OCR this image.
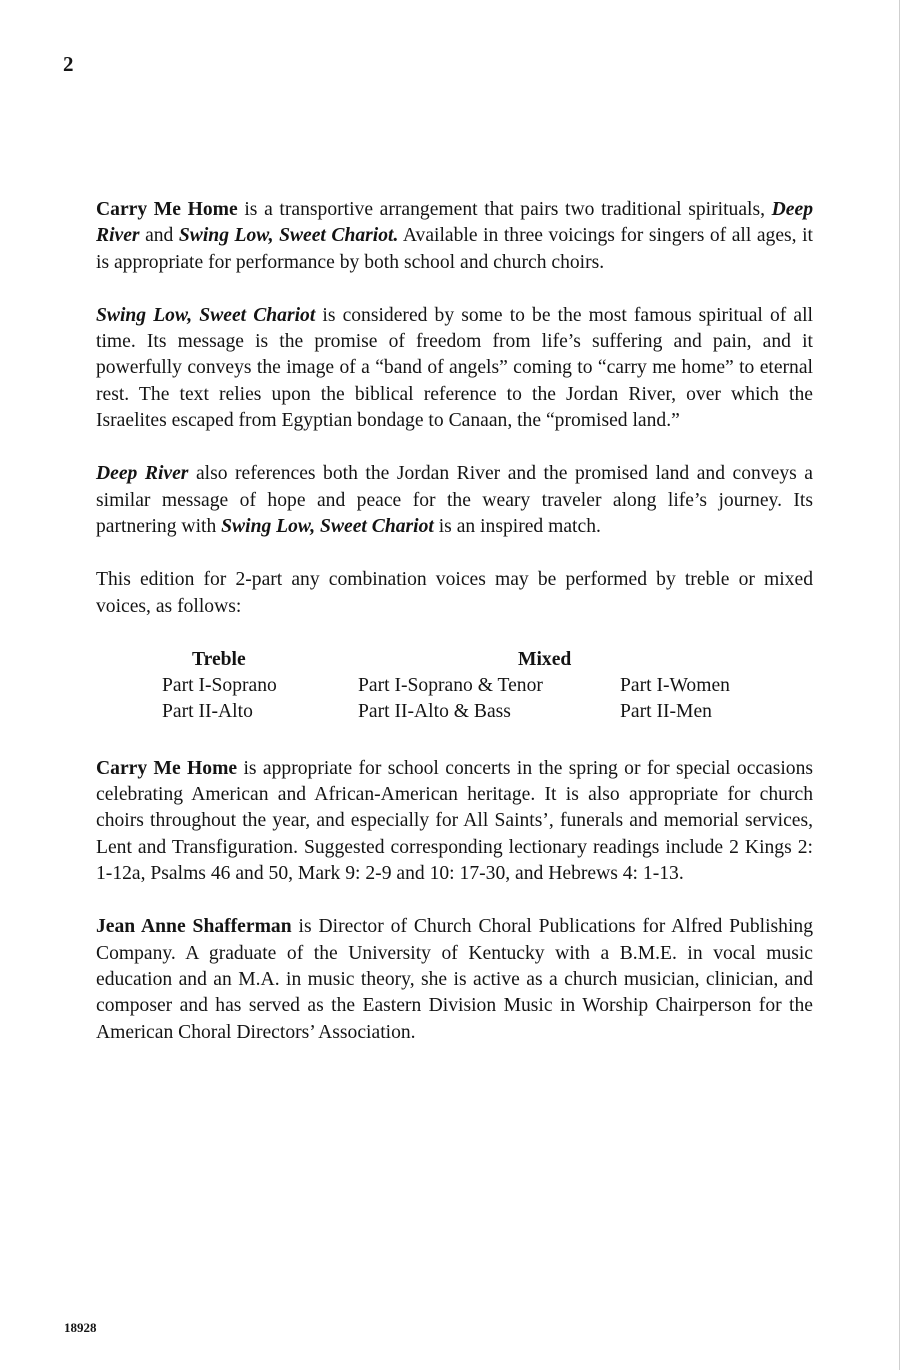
2

Carry Me Home is a transportive arrangement that pairs two traditional spirituals, Deep River and Swing Low, Sweet Chariot. Available in three voicings for singers of all ages, it is appropriate for performance by both school and church choirs.

Swing Low, Sweet Chariot is considered by some to be the most famous spiritual of all time. Its message is the promise of freedom from life’s suffering and pain, and it powerfully conveys the image of a “band of angels” coming to “carry me home” to eternal rest. The text relies upon the biblical reference to the Jordan River, over which the Israelites escaped from Egyptian bondage to Canaan, the “promised land.”

Deep River also references both the Jordan River and the promised land and conveys a similar message of hope and peace for the weary traveler along life’s journey. Its partnering with Swing Low, Sweet Chariot is an inspired match.

This edition for 2-part any combination voices may be performed by treble or mixed voices, as follows:

Treble	Mixed
Part I-Soprano	Part I-Soprano & Tenor	Part I-Women
Part II-Alto	Part II-Alto & Bass	Part II-Men

Carry Me Home is appropriate for school concerts in the spring or for special occasions celebrating American and African-American heritage. It is also appropriate for church choirs throughout the year, and especially for All Saints’, funerals and memorial services, Lent and Transfiguration. Suggested corresponding lectionary readings include 2 Kings 2: 1-12a, Psalms 46 and 50, Mark 9: 2-9 and 10: 17-30, and Hebrews 4: 1-13.

Jean Anne Shafferman is Director of Church Choral Publications for Alfred Publishing Company. A graduate of the University of Kentucky with a B.M.E. in vocal music education and an M.A. in music theory, she is active as a church musician, clinician, and composer and has served as the Eastern Division Music in Worship Chairperson for the American Choral Directors’ Association.

18928
